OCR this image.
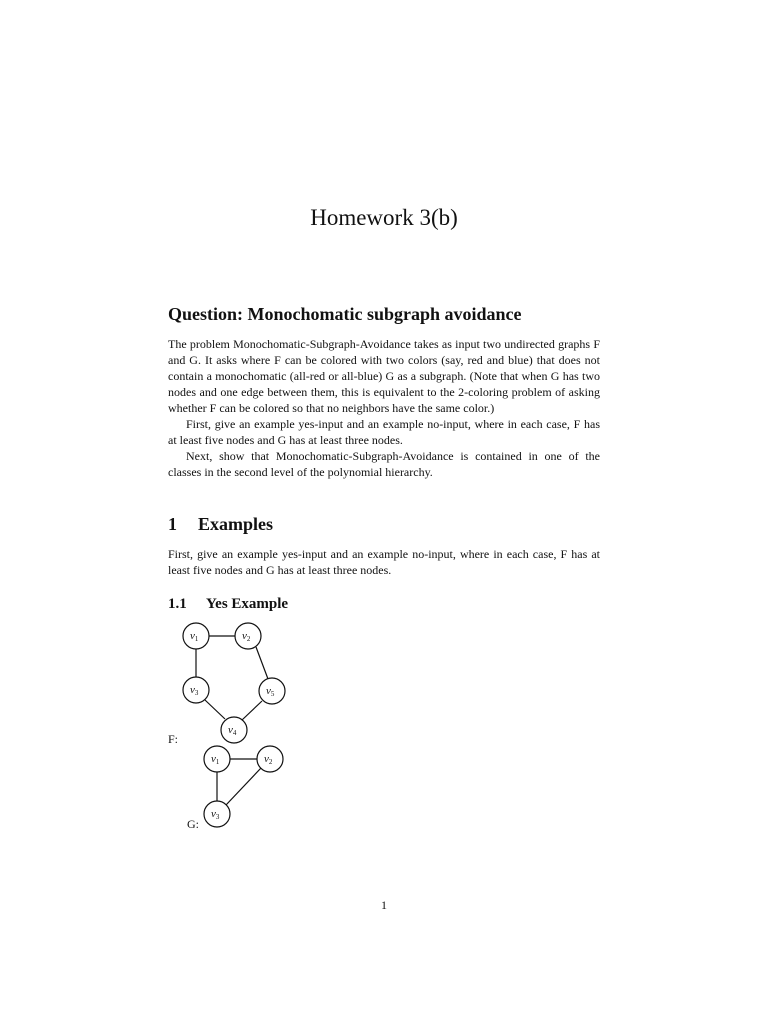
Homework 3(b)
Question: Monochomatic subgraph avoidance

The problem Monochomatic-Subgraph-Avoidance takes as input two undirected graphs F and G. It asks where F can be colored with two colors (say, red and blue) that does not contain a monochomatic (all-red or all-blue) G as a subgraph. (Note that when G has two nodes and one edge between them, this is equivalent to the 2-coloring problem of asking whether F can be colored so that no neighbors have the same color.)

First, give an example yes-input and an example no-input, where in each case, F has at least five nodes and G has at least three nodes.

Next, show that Monochomatic-Subgraph-Avoidance is contained in one of the classes in the second level of the polynomial hierarchy.

1 Examples

First, give an example yes-input and an example no-input, where in each case, F has at least five nodes and G has at least three nodes.

1.1 Yes Example
v1	v2
v3	v5
v4
F:
v1	v2
v3
G:
1
